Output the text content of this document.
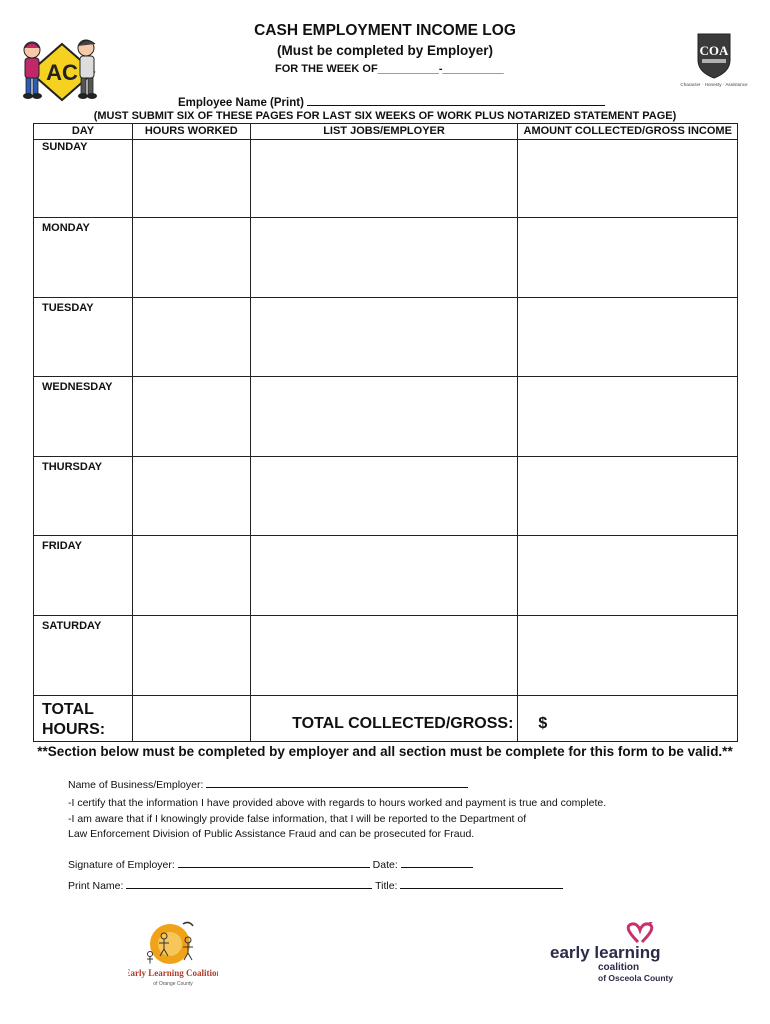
CASH EMPLOYMENT INCOME LOG
(Must be completed by Employer)
FOR THE WEEK OF__________-__________
Employee Name (Print)
(MUST SUBMIT SIX OF THESE PAGES FOR LAST SIX WEEKS OF WORK PLUS NOTARIZED STATEMENT PAGE)
AC
COA
Character · Honesty · Assistance
DAY	HOURS WORKED	LIST JOBS/EMPLOYER	AMOUNT COLLECTED/GROSS INCOME

SUNDAY			

MONDAY			

TUESDAY			

WEDNESDAY			

THURSDAY			

FRIDAY			

SATURDAY			

TOTAL
HOURS:		TOTAL COLLECTED/GROSS:	$
**Section below must be completed by employer and all section must be complete for this form to be valid.**
Name of Business/Employer:
-I certify that the information I have provided above with regards to hours worked and payment is true and complete.
-I am aware that if I knowingly provide false information, that I will be reported to the Department of
Law Enforcement Division of Public Assistance Fraud and can be prosecuted for Fraud.
Signature of Employer:	Date:
Print Name:	Title:
Early Learning Coalition
of Orange County
early learning
coalition
of Osceola County
